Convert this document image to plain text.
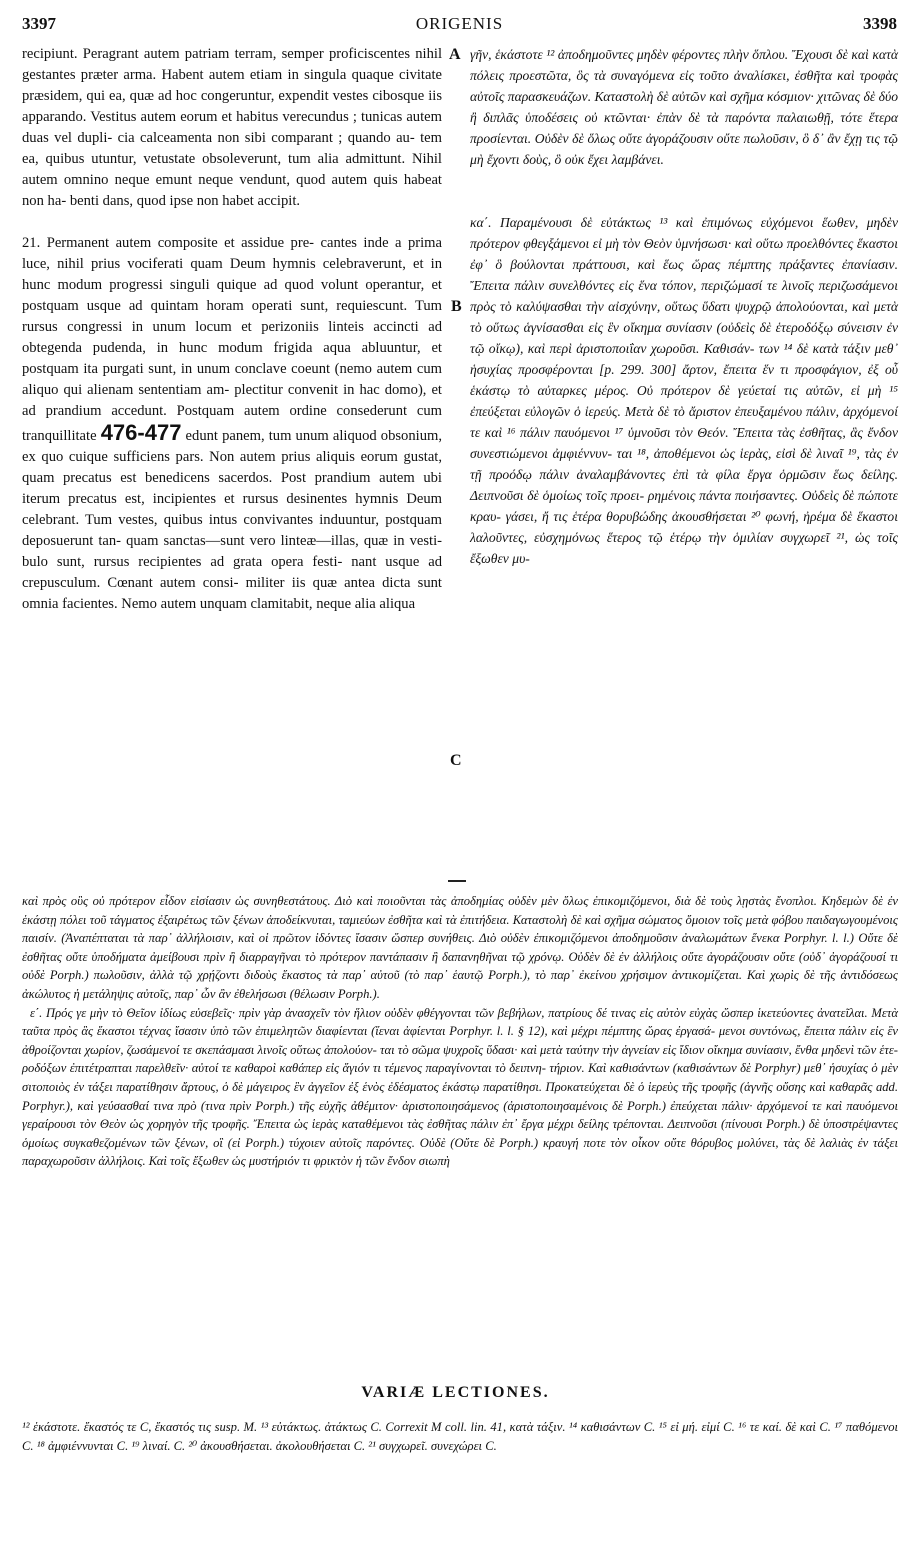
3397	ORIGENIS	3398

recipiunt. Peragrant autem patriam terram, semper proficiscentes nihil gestantes præter arma. Habent autem etiam in singula quaque civitate præsidem, qui ea, quæ ad hoc congeruntur, expendit vestes cibosque iis apparando. Vestitus autem eorum et habitus verecundus ; tunicas autem duas vel dupli- cia calceamenta non sibi comparant ; quando au- tem ea, quibus utuntur, vetustate obsoleverunt, tum alia admittunt. Nihil autem omnino neque emunt neque vendunt, quod autem quis habeat non ha- benti dans, quod ipse non habet accipit.

21. Permanent autem composite et assidue pre- cantes inde a prima luce, nihil prius vociferati quam Deum hymnis celebraverunt, et in hunc modum progressi singuli quique ad quod volunt operantur, et postquam usque ad quintam horam operati sunt, requiescunt. Tum rursus congressi in unum locum et perizoniis linteis accincti ad obtegenda pudenda, in hunc modum frigida aqua abluuntur, et postquam ita purgati sunt, in unum conclave coeunt (nemo autem cum aliquo qui alienam sententiam am- plectitur convenit in hac domo), et ad prandium accedunt. Postquam autem ordine consederunt cum tranquillitate 476-477 edunt panem, tum unum aliquod obsonium, ex quo cuique sufficiens pars. Non autem prius aliquis eorum gustat, quam precatus est benedicens sacerdos. Post prandium autem ubi iterum precatus est, incipientes et rursus desinentes hymnis Deum celebrant. Tum vestes, quibus intus convivantes induuntur, postquam deposuerunt tan- quam sanctas—sunt vero linteæ—illas, quæ in vesti- bulo sunt, rursus recipientes ad grata opera festi- nant usque ad crepusculum. Cœnant autem consi- militer iis quæ antea dicta sunt omnia facientes. Nemo autem unquam clamitabit, neque alia aliqua

A
B
C

γῆν, ἑκάστοτε ¹² ἀποδημοῦντες μηδὲν φέροντες πλὴν ὅπλου. Ἔχουσι δὲ καὶ κατὰ πόλεις προεστῶτα, ὃς τὰ συναγόμενα εἰς τοῦτο ἀναλίσκει, ἐσθῆτα καὶ τροφὰς αὐτοῖς παρασκευάζων. Καταστολὴ δὲ αὐτῶν καὶ σχῆμα κόσμιον· χιτῶνας δὲ δύο ἢ διπλᾶς ὑποδέσεις οὐ κτῶνται· ἐπὰν δὲ τὰ παρόντα παλαιωθῇ, τότε ἕτερα προσίενται. Οὐδὲν δὲ ὅλως οὔτε ἀγοράζουσιν οὔτε πωλοῦσιν, ὃ δ᾽ ἂν ἔχῃ τις τῷ μὴ ἔχοντι δοὺς, ὃ οὐκ ἔχει λαμβάνει.

κα΄. Παραμένουσι δὲ εὐτάκτως ¹³ καὶ ἐπιμόνως εὐχόμενοι ἕωθεν, μηδὲν πρότερον φθεγξάμενοι εἰ μὴ τὸν Θεὸν ὑμνήσωσι· καὶ οὕτω προελθόντες ἕκαστοι ἐφ᾽ ὃ βούλονται πράττουσι, καὶ ἕως ὥρας πέμπτης πράξαντες ἐπανίασιν. Ἔπειτα πάλιν συνελθόντες εἰς ἕνα τόπον, περιζώμασί τε λινοῖς περιζωσάμενοι πρὸς τὸ καλύψασθαι τὴν αἰσχύνην, οὕτως ὕδατι ψυχρῷ ἀπολούονται, καὶ μετὰ τὸ οὕτως ἁγνίσασθαι εἰς ἓν οἴκημα συνίασιν (οὐδεὶς δὲ ἑτεροδόξῳ σύνεισιν ἐν τῷ οἴκῳ), καὶ περὶ ἀριστοποιΐαν χωροῦσι. Καθισάν- των ¹⁴ δὲ κατὰ τάξιν μεθ᾽ ἡσυχίας προσφέρονται [p. 299. 300] ἄρτον, ἔπειτα ἕν τι προσφάγιον, ἐξ οὗ ἑκάστῳ τὸ αὐταρκες μέρος. Οὐ πρότερον δὲ γεύεταί τις αὐτῶν, εἰ μὴ ¹⁵ ἐπεύξεται εὐλογῶν ὁ ἱερεύς. Μετὰ δὲ τὸ ἄριστον ἐπευξαμένου πάλιν, ἀρχόμενοί τε καὶ ¹⁶ πάλιν παυόμενοι ¹⁷ ὑμνοῦσι τὸν Θεόν. Ἔπειτα τὰς ἐσθῆτας, ἃς ἔνδον συνεστιώμενοι ἀμφιέννυν- ται ¹⁸, ἀποθέμενοι ὡς ἱερὰς, εἰσὶ δὲ λιναῖ ¹⁹, τὰς ἐν τῇ προόδῳ πάλιν ἀναλαμβάνοντες ἐπὶ τὰ φίλα ἔργα ὁρμῶσιν ἕως δείλης. Δειπνοῦσι δὲ ὁμοίως τοῖς προει- ρημένοις πάντα ποιήσαντες. Οὐδεὶς δὲ πώποτε κραυ- γάσει, ἤ τις ἑτέρα θορυβώδης ἀκουσθήσεται ²⁰ φωνή, ἠρέμα δὲ ἕκαστοι λαλοῦντες, εὐσχημόνως ἕτερος τῷ ἑτέρῳ τὴν ὁμιλίαν συγχωρεῖ ²¹, ὡς τοῖς ἔξωθεν μυ-

καὶ πρὸς οὓς οὐ πρότερον εἶδον εἰσίασιν ὡς συνηθεστάτους. Διὸ καὶ ποιοῦνται τὰς ἀποδημίας οὐδὲν μὲν ὅλως ἐπικομιζόμενοι, διὰ δὲ τοὺς λῃστὰς ἔνοπλοι. Κηδεμὼν δὲ ἐν ἑκάστῃ πόλει τοῦ τάγματος ἐξαιρέτως τῶν ξένων ἀποδείκνυται, ταμιεύων ἐσθῆτα καὶ τὰ ἐπιτήδεια. Καταστολὴ δὲ καὶ σχῆμα σώματος ὅμοιον τοῖς μετὰ φόβου παιδαγωγουμένοις παισίν. (Ἀναπέπταται τὰ παρ᾽ ἀλλήλοισιν, καὶ οἱ πρῶτον ἰδόντες ἴσασιν ὥσπερ συνήθεις. Διὸ οὐδὲν ἐπικομιζόμενοι ἀποδημοῦσιν ἀναλωμάτων ἕνεκα Porphyr. l. l.) Οὔτε δὲ ἐσθῆτας οὔτε ὑποδήματα ἀμείβουσι πρὶν ἢ διαρραγῆναι τὸ πρότερον παντάπασιν ἢ δαπανηθῆναι τῷ χρόνῳ. Οὐδὲν δὲ ἐν ἀλλήλοις οὔτε ἀγοράζουσιν οὔτε (οὐδ᾽ ἀγοράζουσί τι οὐδὲ Porph.) πωλοῦσιν, ἀλλὰ τῷ χρῄζοντι διδοὺς ἕκαστος τὰ παρ᾽ αὐτοῦ (τὸ παρ᾽ ἑαυτῷ Porph.), τὸ παρ᾽ ἐκείνου χρήσιμον ἀντικομίζεται. Καὶ χωρὶς δὲ τῆς ἀντιδόσεως ἀκώλυτος ἡ μετάληψις αὐτοῖς, παρ᾽ ὧν ἂν ἐθελήσωσι (θέλωσιν Porph.).

ε΄. Πρός γε μὴν τὸ Θεῖον ἰδίως εὐσεβεῖς· πρὶν γὰρ ἀνασχεῖν τὸν ἥλιον οὐδὲν φθέγγονται τῶν βεβήλων, πατρίους δέ τινας εἰς αὐτὸν εὐχὰς ὥσπερ ἱκετεύοντες ἀνατεῖλαι. Μετὰ ταῦτα πρὸς ἃς ἕκαστοι τέχνας ἴσασιν ὑπὸ τῶν ἐπιμελητῶν διαφίενται (ἵεναι ἀφίενται Porphyr. l. l. § 12), καὶ μέχρι πέμπτης ὥρας ἐργασά- μενοι συντόνως, ἔπειτα πάλιν εἰς ἓν ἀθροίζονται χωρίον, ζωσάμενοί τε σκεπάσμασι λινοῖς οὕτως ἀπολούον- ται τὸ σῶμα ψυχροῖς ὕδασι· καὶ μετὰ ταύτην τὴν ἁγνείαν εἰς ἴδιον οἴκημα συνίασιν, ἔνθα μηδενὶ τῶν ἑτε- ροδόξων ἐπιτέτραπται παρελθεῖν· αὐτοί τε καθαροὶ καθάπερ εἰς ἅγιόν τι τέμενος παραγίνονται τὸ δειπνη- τήριον. Καὶ καθισάντων (καθισάντων δὲ Porphyr) μεθ᾽ ἡσυχίας ὁ μὲν σιτοποιὸς ἐν τάξει παρατίθησιν ἄρτους, ὁ δὲ μάγειρος ἓν ἀγγεῖον ἐξ ἑνὸς ἐδέσματος ἑκάστῳ παρατίθησι. Προκατεύχεται δὲ ὁ ἱερεὺς τῆς τροφῆς (ἁγνῆς οὔσης καὶ καθαρᾶς add. Porphyr.), καὶ γεύσασθαί τινα πρὸ (τινα πρὶν Porph.) τῆς εὐχῆς ἀθέμιτον· ἀριστοποιησάμενος (ἀριστοποιησαμένοις δὲ Porph.) ἐπεύχεται πάλιν· ἀρχόμενοί τε καὶ παυόμενοι γεραίρουσι τὸν Θεὸν ὡς χορηγὸν τῆς τροφῆς. Ἔπειτα ὡς ἱερὰς καταθέμενοι τὰς ἐσθῆτας πάλιν ἐπ᾽ ἔργα μέχρι δείλης τρέπονται. Δειπνοῦσι (πίνουσι Porph.) δὲ ὑποστρέψαντες ὁμοίως συγκαθεζομένων τῶν ξένων, οἳ (εἰ Porph.) τύχοιεν αὐτοῖς παρόντες. Οὐδὲ (Οὔτε δὲ Porph.) κραυγή ποτε τὸν οἶκον οὔτε θόρυβος μολύνει, τὰς δὲ λαλιὰς ἐν τάξει παραχωροῦσιν ἀλλήλοις. Καὶ τοῖς ἔξωθεν ὡς μυστήριόν τι φρικτὸν ἡ τῶν ἔνδον σιωπὴ

VARIÆ LECTIONES.

¹² ἑκάστοτε. ἕκαστός τε C, ἕκαστός τις susp. M. ¹³ εὐτάκτως. ἀτάκτως C. Correxit M coll. lin. 41, κατὰ τάξιν. ¹⁴ καθισάντων C. ¹⁵ εἰ μή. εἰμί C. ¹⁶ τε καί. δὲ καὶ C. ¹⁷ παθόμενοι C. ¹⁸ ἀμφιέννυνται C. ¹⁹ λιναί. C. ²⁰ ἀκουσθήσεται. ἀκολουθήσεται C. ²¹ συγχωρεῖ. συνεχώρει C.
